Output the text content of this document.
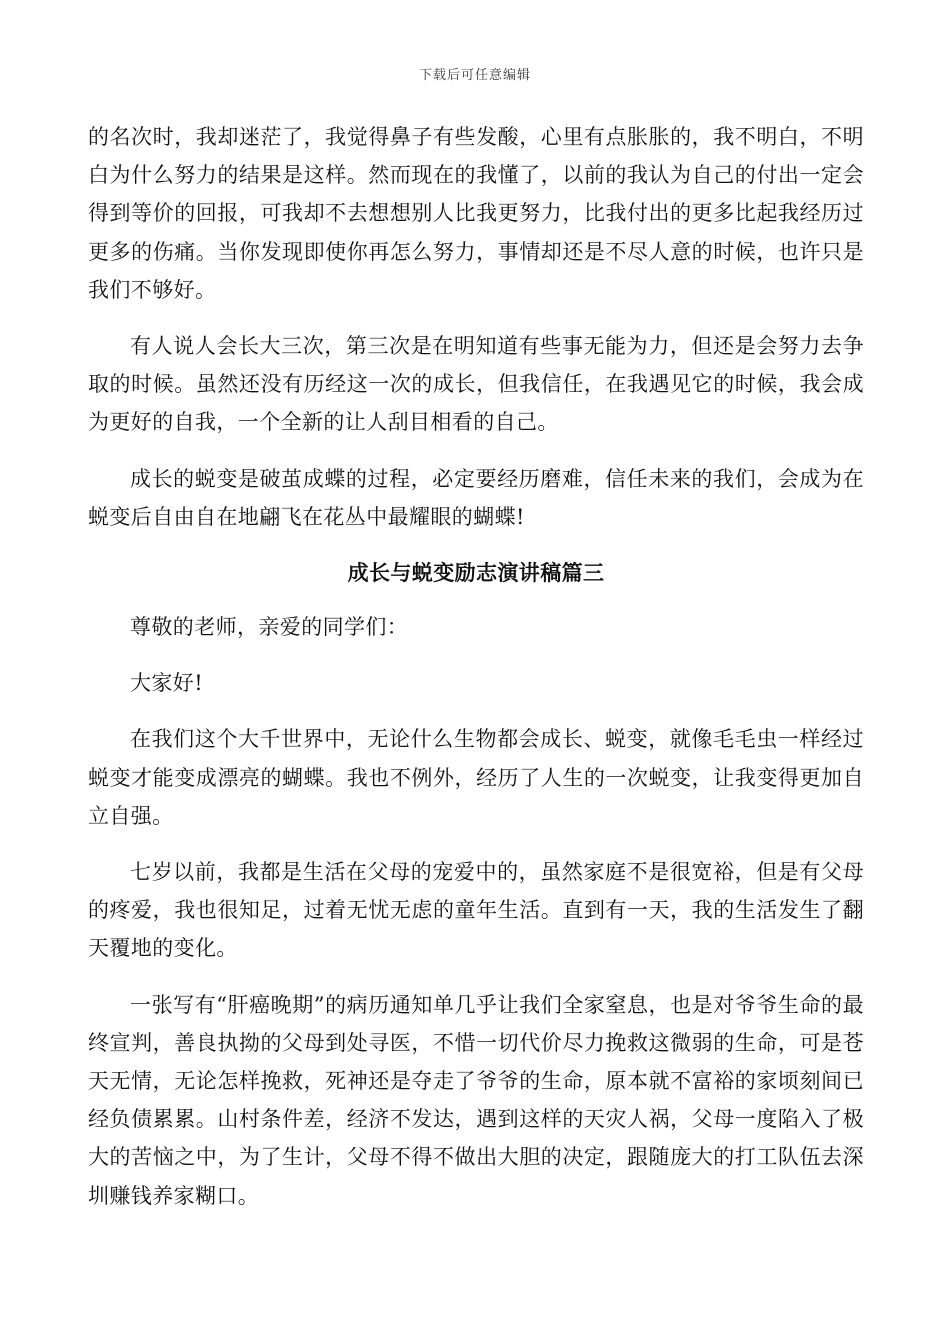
下载后可任意编辑

的名次时，我却迷茫了，我觉得鼻子有些发酸，心里有点胀胀的，我不明白，不明白为什么努力的结果是这样。然而现在的我懂了，以前的我认为自己的付出一定会得到等价的回报，可我却不去想想别人比我更努力，比我付出的更多比起我经历过更多的伤痛。当你发现即使你再怎么努力，事情却还是不尽人意的时候，也许只是我们不够好。

有人说人会长大三次，第三次是在明知道有些事无能为力，但还是会努力去争取的时候。虽然还没有历经这一次的成长，但我信任，在我遇见它的时候，我会成为更好的自我，一个全新的让人刮目相看的自己。

成长的蜕变是破茧成蝶的过程，必定要经历磨难，信任未来的我们，会成为在蜕变后自由自在地翩飞在花丛中最耀眼的蝴蝶!

成长与蜕变励志演讲稿篇三

尊敬的老师，亲爱的同学们：

大家好!

在我们这个大千世界中，无论什么生物都会成长、蜕变，就像毛毛虫一样经过蜕变才能变成漂亮的蝴蝶。我也不例外，经历了人生的一次蜕变，让我变得更加自立自强。

七岁以前，我都是生活在父母的宠爱中的，虽然家庭不是很宽裕，但是有父母的疼爱，我也很知足，过着无忧无虑的童年生活。直到有一天，我的生活发生了翻天覆地的变化。

一张写有“肝癌晚期”的病历通知单几乎让我们全家窒息，也是对爷爷生命的最终宣判，善良执拗的父母到处寻医，不惜一切代价尽力挽救这微弱的生命，可是苍天无情，无论怎样挽救，死神还是夺走了爷爷的生命，原本就不富裕的家顷刻间已经负债累累。山村条件差，经济不发达，遇到这样的天灾人祸，父母一度陷入了极大的苦恼之中，为了生计，父母不得不做出大胆的决定，跟随庞大的打工队伍去深圳赚钱养家糊口。
